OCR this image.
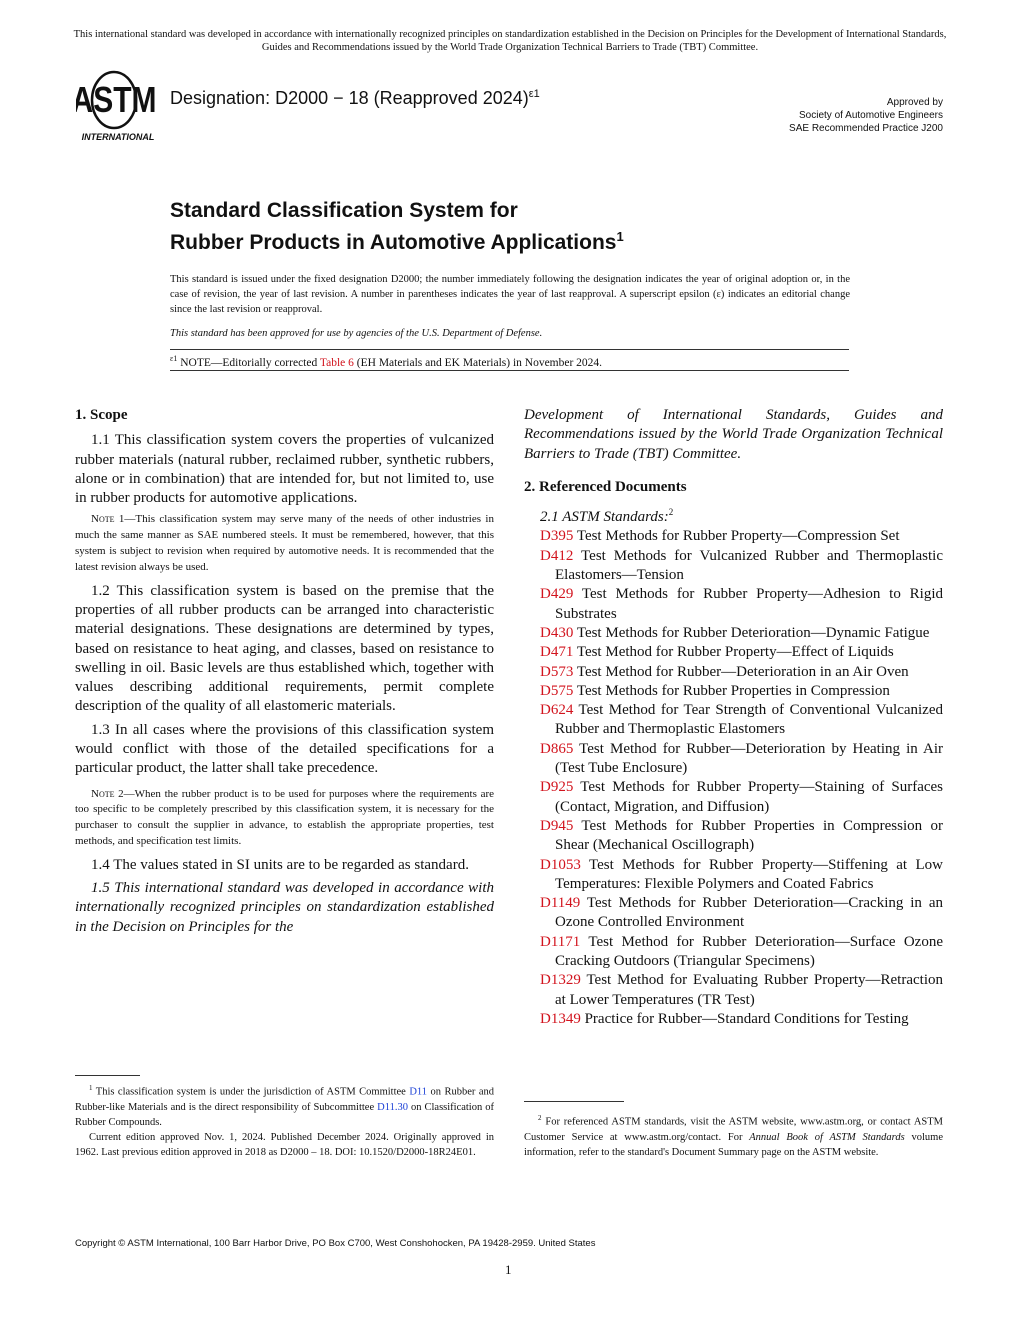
This international standard was developed in accordance with internationally recognized principles on standardization established in the Decision on Principles for the Development of International Standards, Guides and Recommendations issued by the World Trade Organization Technical Barriers to Trade (TBT) Committee.
ASTM
INTERNATIONAL
Designation: D2000 − 18 (Reapproved 2024)$^{\varepsilon 1}$
Approved by
Society of Automotive Engineers
SAE Recommended Practice J200
Standard Classification System for
Rubber Products in Automotive Applications$^1$
This standard is issued under the fixed designation D2000; the number immediately following the designation indicates the year of original adoption or, in the case of revision, the year of last revision. A number in parentheses indicates the year of last reapproval. A superscript epsilon (ε) indicates an editorial change since the last revision or reapproval.
This standard has been approved for use by agencies of the U.S. Department of Defense.
$^{\varepsilon 1}$ NOTE—Editorially corrected Table 6 (EH Materials and EK Materials) in November 2024.
1. Scope

1.1 This classification system covers the properties of vulcanized rubber materials (natural rubber, reclaimed rubber, synthetic rubbers, alone or in combination) that are intended for, but not limited to, use in rubber products for automotive applications.

Note 1—This classification system may serve many of the needs of other industries in much the same manner as SAE numbered steels. It must be remembered, however, that this system is subject to revision when required by automotive needs. It is recommended that the latest revision always be used.

1.2 This classification system is based on the premise that the properties of all rubber products can be arranged into characteristic material designations. These designations are determined by types, based on resistance to heat aging, and classes, based on resistance to swelling in oil. Basic levels are thus established which, together with values describing additional requirements, permit complete description of the quality of all elastomeric materials.

1.3 In all cases where the provisions of this classification system would conflict with those of the detailed specifications for a particular product, the latter shall take precedence.

Note 2—When the rubber product is to be used for purposes where the requirements are too specific to be completely prescribed by this classification system, it is necessary for the purchaser to consult the supplier in advance, to establish the appropriate properties, test methods, and specification test limits.

1.4 The values stated in SI units are to be regarded as standard.

1.5 This international standard was developed in accordance with internationally recognized principles on standardization established in the Decision on Principles for the

Development of International Standards, Guides and Recommendations issued by the World Trade Organization Technical Barriers to Trade (TBT) Committee.
2. Referenced Documents
2.1 ASTM Standards:$^2$
D395 Test Methods for Rubber Property—Compression Set
D412 Test Methods for Vulcanized Rubber and Thermoplastic Elastomers—Tension
D429 Test Methods for Rubber Property—Adhesion to Rigid Substrates
D430 Test Methods for Rubber Deterioration—Dynamic Fatigue
D471 Test Method for Rubber Property—Effect of Liquids
D573 Test Method for Rubber—Deterioration in an Air Oven
D575 Test Methods for Rubber Properties in Compression
D624 Test Method for Tear Strength of Conventional Vulcanized Rubber and Thermoplastic Elastomers
D865 Test Method for Rubber—Deterioration by Heating in Air (Test Tube Enclosure)
D925 Test Methods for Rubber Property—Staining of Surfaces (Contact, Migration, and Diffusion)
D945 Test Methods for Rubber Properties in Compression or Shear (Mechanical Oscillograph)
D1053 Test Methods for Rubber Property—Stiffening at Low Temperatures: Flexible Polymers and Coated Fabrics
D1149 Test Methods for Rubber Deterioration—Cracking in an Ozone Controlled Environment
D1171 Test Method for Rubber Deterioration—Surface Ozone Cracking Outdoors (Triangular Specimens)
D1329 Test Method for Evaluating Rubber Property—Retraction at Lower Temperatures (TR Test)
D1349 Practice for Rubber—Standard Conditions for Testing
$^1$ This classification system is under the jurisdiction of ASTM Committee D11 on Rubber and Rubber-like Materials and is the direct responsibility of Subcommittee D11.30 on Classification of Rubber Compounds.
Current edition approved Nov. 1, 2024. Published December 2024. Originally approved in 1962. Last previous edition approved in 2018 as D2000 – 18. DOI: 10.1520/D2000-18R24E01.
$^2$ For referenced ASTM standards, visit the ASTM website, www.astm.org, or contact ASTM Customer Service at www.astm.org/contact. For Annual Book of ASTM Standards volume information, refer to the standard's Document Summary page on the ASTM website.
Copyright © ASTM International, 100 Barr Harbor Drive, PO Box C700, West Conshohocken, PA 19428-2959. United States
1
